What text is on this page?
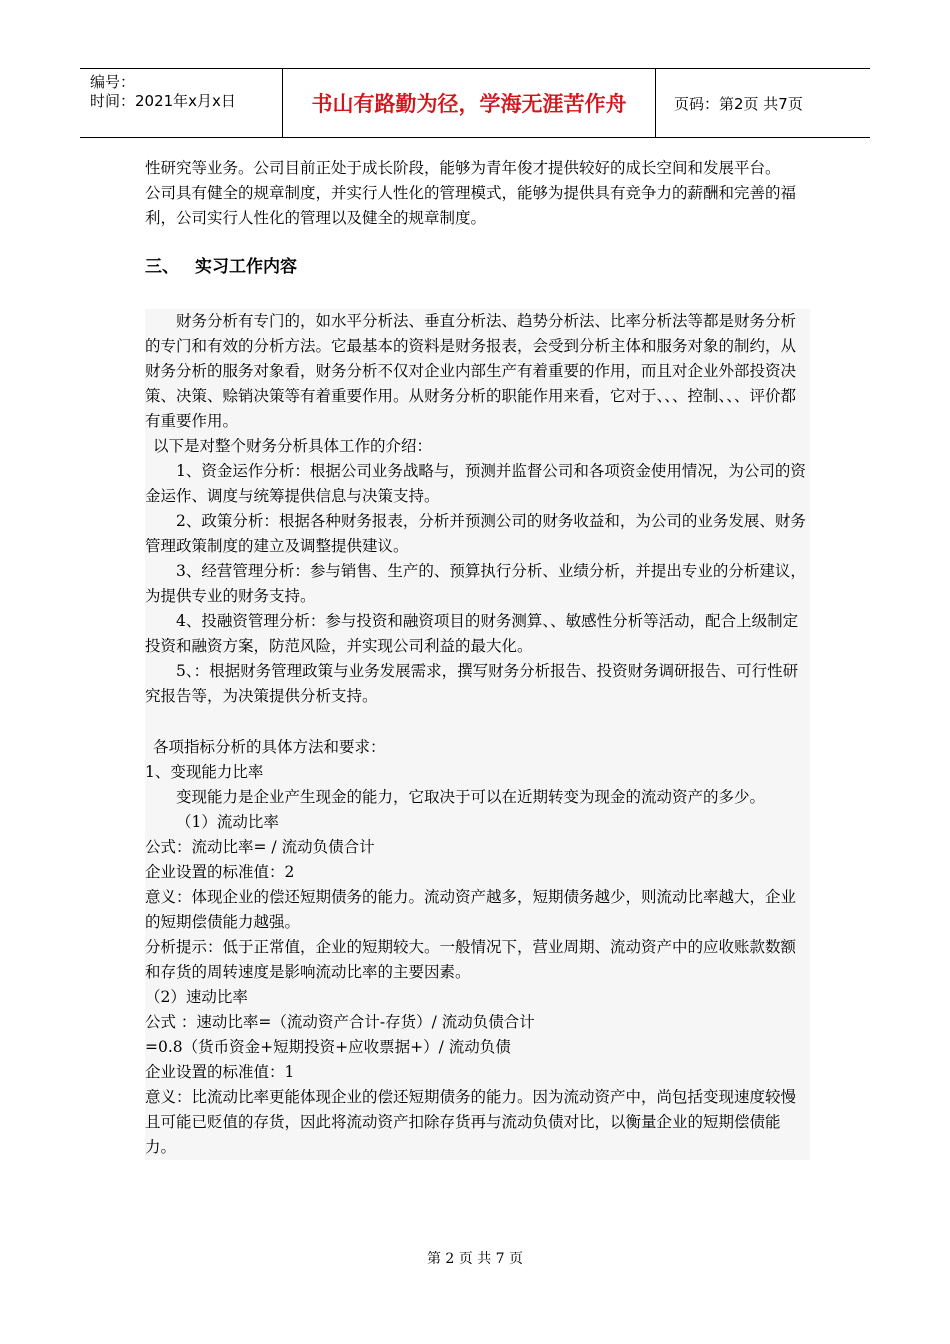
编号：
时间：2021年x月x日	书山有路勤为径，学海无涯苦作舟	页码：第2页 共7页

性研究等业务。公司目前正处于成长阶段，能够为青年俊才提供较好的成长空间和发展平台。

公司具有健全的规章制度，并实行人性化的管理模式，能够为提供具有竞争力的薪酬和完善的福利，公司实行人性化的管理以及健全的规章制度。

三、 实习工作内容

财务分析有专门的，如水平分析法、垂直分析法、趋势分析法、比率分析法等都是财务分析的专门和有效的分析方法。它最基本的资料是财务报表，会受到分析主体和服务对象的制约，从财务分析的服务对象看，财务分析不仅对企业内部生产有着重要的作用，而且对企业外部投资决策、决策、赊销决策等有着重要作用。从财务分析的职能作用来看，它对于、、、控制、、、评价都有重要作用。

以下是对整个财务分析具体工作的介绍：

1、资金运作分析：根据公司业务战略与，预测并监督公司和各项资金使用情况，为公司的资金运作、调度与统筹提供信息与决策支持。

2、政策分析：根据各种财务报表，分析并预测公司的财务收益和，为公司的业务发展、财务管理政策制度的建立及调整提供建议。

3、经营管理分析：参与销售、生产的、预算执行分析、业绩分析，并提出专业的分析建议，为提供专业的财务支持。

4、投融资管理分析：参与投资和融资项目的财务测算、、敏感性分析等活动，配合上级制定投资和融资方案，防范风险，并实现公司利益的最大化。

5、：根据财务管理政策与业务发展需求，撰写财务分析报告、投资财务调研报告、可行性研究报告等，为决策提供分析支持。

各项指标分析的具体方法和要求：

1、变现能力比率

变现能力是企业产生现金的能力，它取决于可以在近期转变为现金的流动资产的多少。

（1）流动比率

公式：流动比率= / 流动负债合计

企业设置的标准值：2

意义：体现企业的偿还短期债务的能力。流动资产越多，短期债务越少，则流动比率越大，企业的短期偿债能力越强。

分析提示：低于正常值，企业的短期较大。一般情况下，营业周期、流动资产中的应收账款数额和存货的周转速度是影响流动比率的主要因素。

（2）速动比率

公式 ：速动比率=（流动资产合计-存货）/ 流动负债合计

=0.8（货币资金+短期投资+应收票据+）/ 流动负债

企业设置的标准值：1

意义：比流动比率更能体现企业的偿还短期债务的能力。因为流动资产中，尚包括变现速度较慢且可能已贬值的存货，因此将流动资产扣除存货再与流动负债对比，以衡量企业的短期偿债能力。

第 2 页 共 7 页
